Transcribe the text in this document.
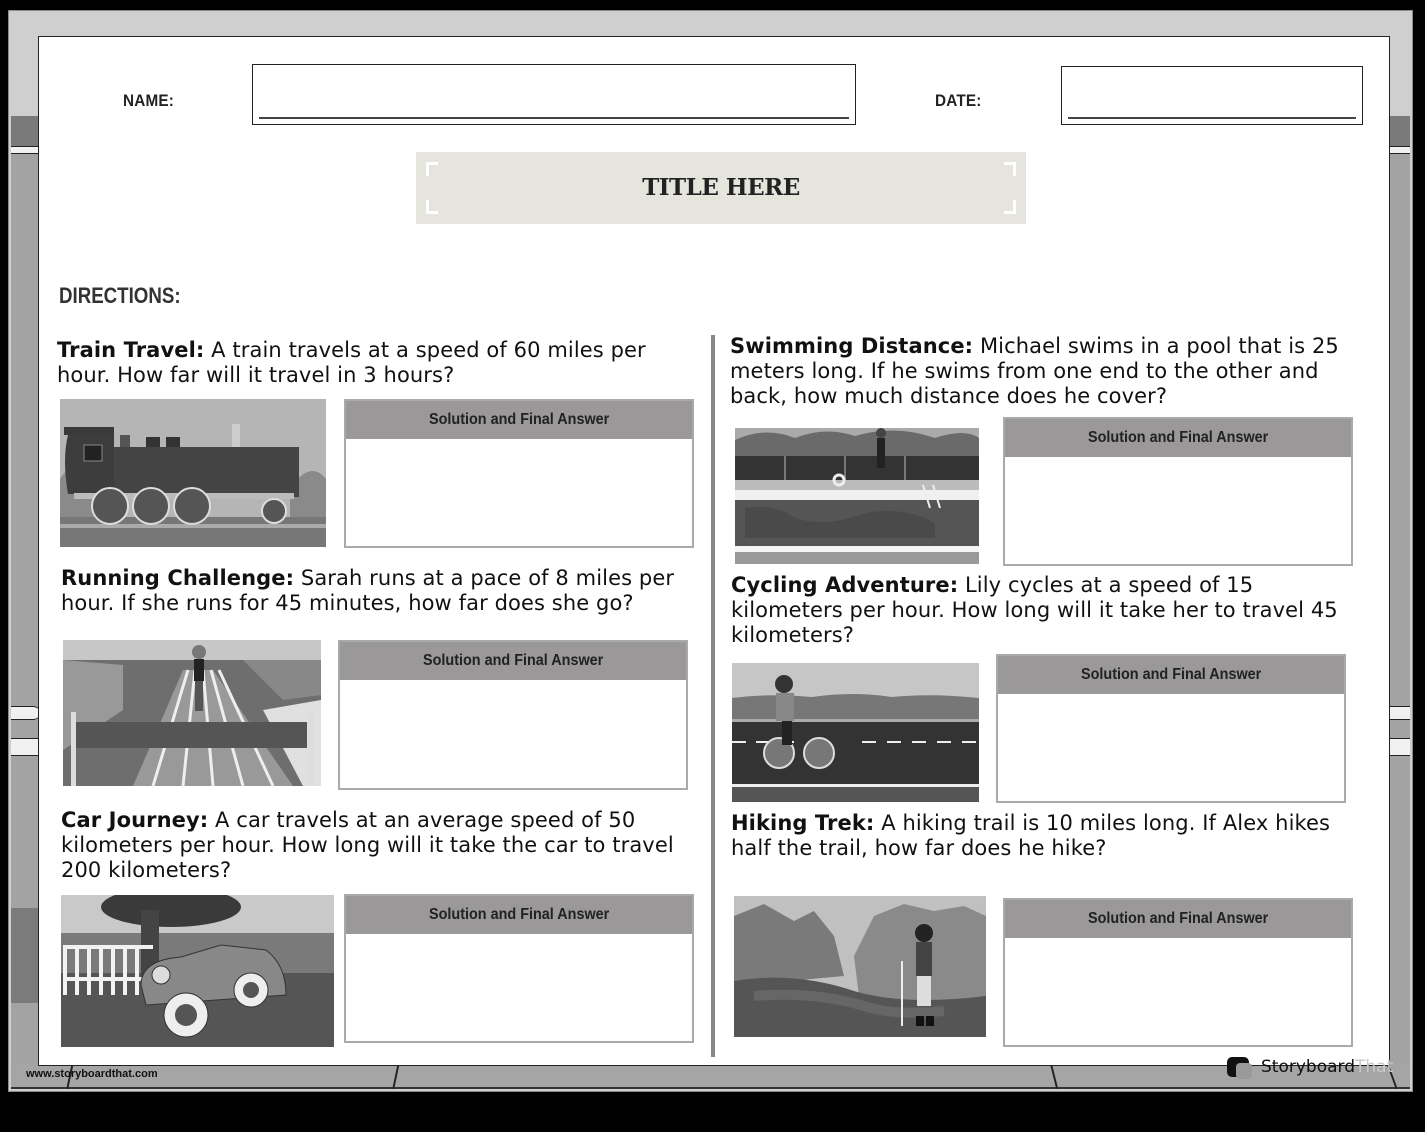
NAME:	DATE:
TITLE HERE
DIRECTIONS:
Train Travel: A train travels at a speed of 60 miles per hour. How far will it travel in 3 hours?
Solution and Final Answer
Running Challenge: Sarah runs at a pace of 8 miles per hour. If she runs for 45 minutes, how far does she go?
Solution and Final Answer
Car Journey: A car travels at an average speed of 50 kilometers per hour. How long will it take the car to travel 200 kilometers?
Solution and Final Answer
Swimming Distance: Michael swims in a pool that is 25 meters long. If he swims from one end to the other and back, how much distance does he cover?
Solution and Final Answer
Cycling Adventure: Lily cycles at a speed of 15 kilometers per hour. How long will it take her to travel 45 kilometers?
Solution and Final Answer
Hiking Trek: A hiking trail is 10 miles long. If Alex hikes half the trail, how far does he hike?
Solution and Final Answer
www.storyboardthat.com	Storyboard That
